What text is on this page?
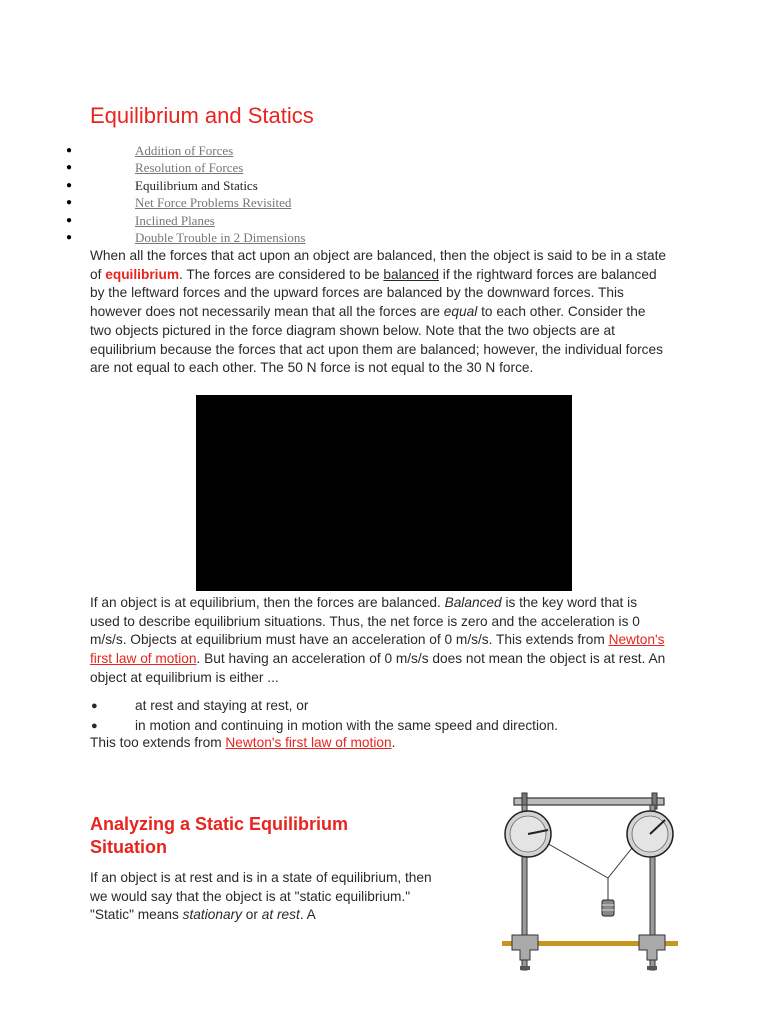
Equilibrium and Statics
●	Addition of Forces
●	Resolution of Forces
●	Equilibrium and Statics
●	Net Force Problems Revisited
●	Inclined Planes
●	Double Trouble in 2 Dimensions

When all the forces that act upon an object are balanced, then the object is said to be in a state of equilibrium. The forces are considered to be balanced if the rightward forces are balanced by the leftward forces and the upward forces are balanced by the downward forces. This however does not necessarily mean that all the forces are equal to each other. Consider the two objects pictured in the force diagram shown below. Note that the two objects are at equilibrium because the forces that act upon them are balanced; however, the individual forces are not equal to each other. The 50 N force is not equal to the 30 N force.

If an object is at equilibrium, then the forces are balanced. Balanced is the key word that is used to describe equilibrium situations. Thus, the net force is zero and the acceleration is 0 m/s/s. Objects at equilibrium must have an acceleration of 0 m/s/s. This extends from Newton's first law of motion. But having an acceleration of 0 m/s/s does not mean the object is at rest. An object at equilibrium is either ...

●	at rest and staying at rest, or
●	in motion and continuing in motion with the same speed and direction.

This too extends from Newton's first law of motion.

Analyzing a Static Equilibrium Situation

If an object is at rest and is in a state of equilibrium, then we would say that the object is at "static equilibrium." "Static" means stationary or at rest. A
